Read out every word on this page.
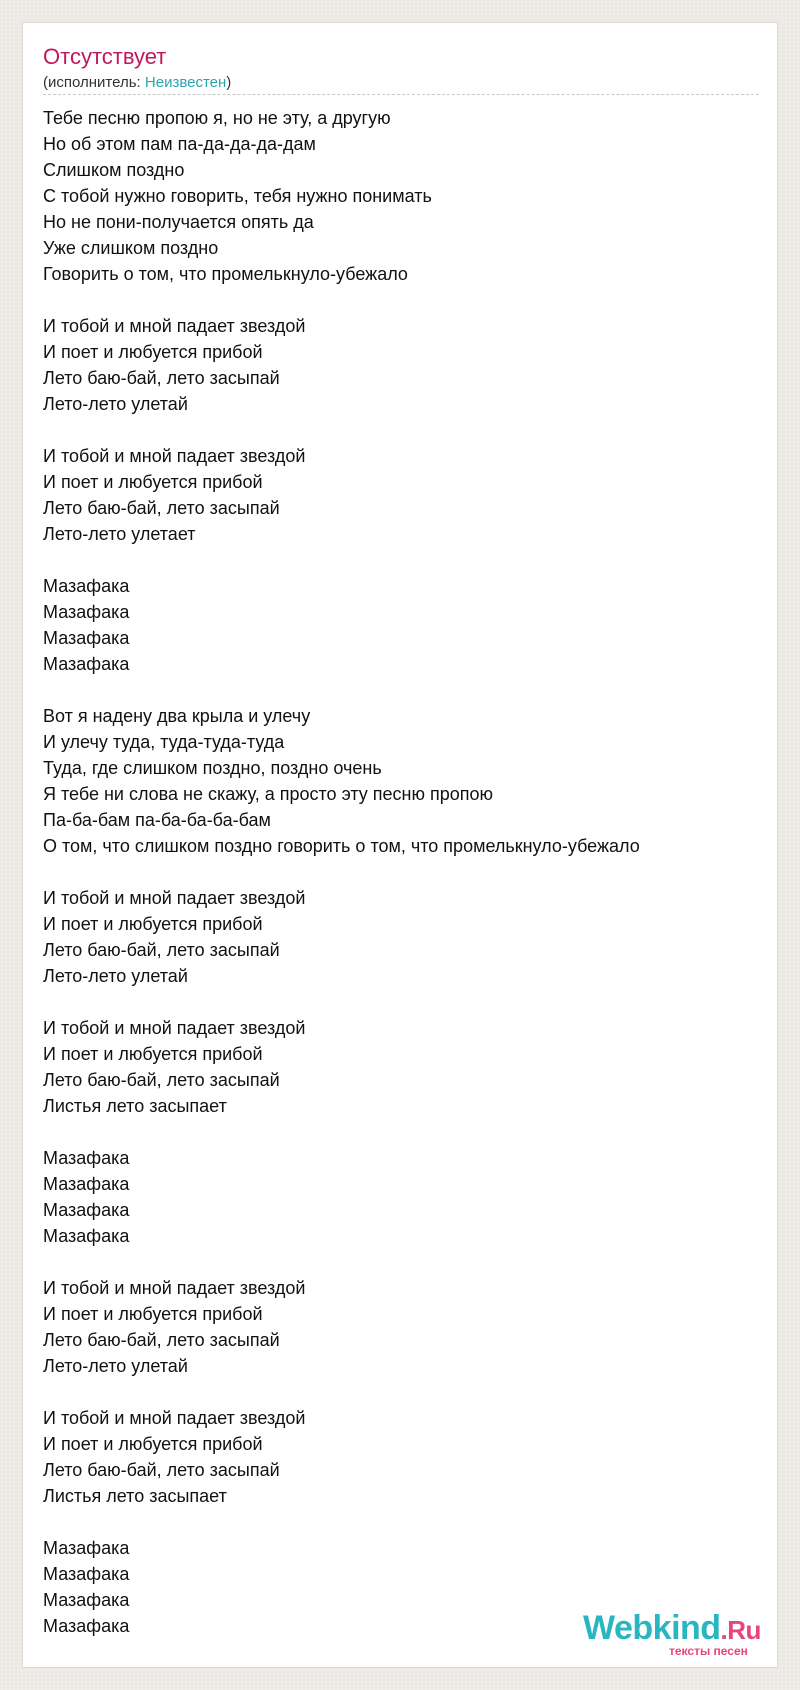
Отсутствует
(исполнитель: Неизвестен)
Тебе песню пропою я, но не эту, а другую
Но об этом пам па-да-да-да-дам
Слишком поздно
С тобой нужно говорить, тебя нужно понимать
Но не пони-получается опять да
Уже слишком поздно
Говорить о том, что промелькнуло-убежало
И тобой и мной падает звездой
И поет и любуется прибой
Лето баю-бай, лето засыпай
Лето-лето улетай
И тобой и мной падает звездой
И поет и любуется прибой
Лето баю-бай, лето засыпай
Лето-лето улетает
Мазафака
Мазафака
Мазафака
Мазафака
Вот я надену два крыла и улечу
И улечу туда, туда-туда-туда
Туда, где слишком поздно, поздно очень
Я тебе ни слова не скажу, а просто эту песню пропою
Па-ба-бам па-ба-ба-ба-бам
О том, что слишком поздно говорить о том, что промелькнуло-убежало
И тобой и мной падает звездой
И поет и любуется прибой
Лето баю-бай, лето засыпай
Лето-лето улетай
И тобой и мной падает звездой
И поет и любуется прибой
Лето баю-бай, лето засыпай
Листья лето засыпает
Мазафака
Мазафака
Мазафака
Мазафака
И тобой и мной падает звездой
И поет и любуется прибой
Лето баю-бай, лето засыпай
Лето-лето улетай
И тобой и мной падает звездой
И поет и любуется прибой
Лето баю-бай, лето засыпай
Листья лето засыпает
Мазафака
Мазафака
Мазафака
Мазафака	Webkind.Ru
тексты песен
